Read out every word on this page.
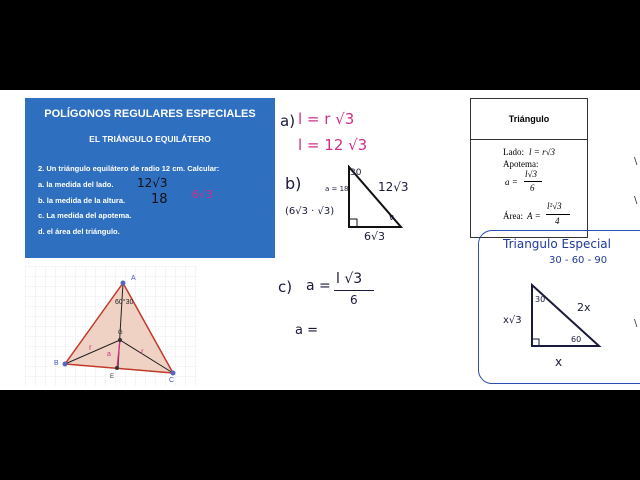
POLÍGONOS REGULARES ESPECIALES
EL TRIÁNGULO EQUILÁTERO
2. Un triángulo equilátero de radio 12 cm. Calcular:
a. la medida del lado.
b. la medida de la altura.
c. La medida del apotema.
d. el área del triángulo.
12√3
18 6√3
A
B
C
G
E
60°30
r	r
a
a) l = r √3
l = 12 √3
b)	a = 18
30
12√3
ν
6√3
(6√3 · √3)
c) a = l √3
6
a =
Triángulo
Lado: l = r√3
Apotema:
a =
l√3
6
Área: A =
l²√3
4
Triangulo Especial
30 - 60 - 90
30
2x
x√3
60
x
\
\
\
